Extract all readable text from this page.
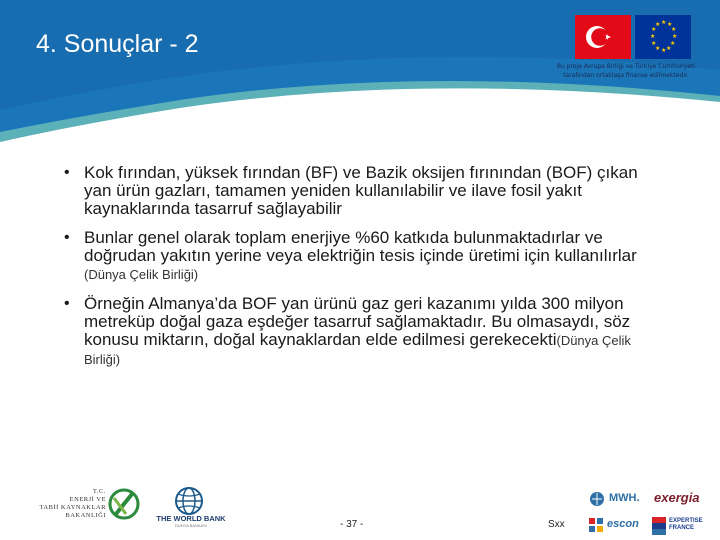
4. Sonuçlar - 2
★ ★
★
★
★
★
★
★
★
★
★
★
Bu proje Avrupa Birliği ve Türkiye Cumhuriyeti
tarafından ortaklaşa finanse edilmektedir.
• Kok fırından, yüksek fırından (BF) ve Bazik oksijen fırınından (BOF) çıkan yan ürün gazları, tamamen yeniden kullanılabilir ve ilave fosil yakıt kaynaklarında tasarruf sağlayabilir
• Bunlar genel olarak toplam enerjiye %60 katkıda bulunmaktadırlar ve doğrudan yakıtın yerine veya elektriğin tesis içinde üretimi için kullanılırlar (Dünya Çelik Birliği)
• Örneğin Almanya’da BOF yan ürünü gaz geri kazanımı yılda 300 milyon metreküp doğal gaza eşdeğer tasarruf sağlamaktadır. Bu olmasaydı, söz konusu miktarın, doğal kaynaklardan elde edilmesi gerekecekti(Dünya Çelik Birliği)
T.C.
ENERJİ VE
TABİİ KAYNAKLAR
BAKANLIĞI	THE WORLD BANK
DÜNYA BANKASI	- 37 -	Sxx
MWH. exergia
escon	EXPERTISE FRANCE
